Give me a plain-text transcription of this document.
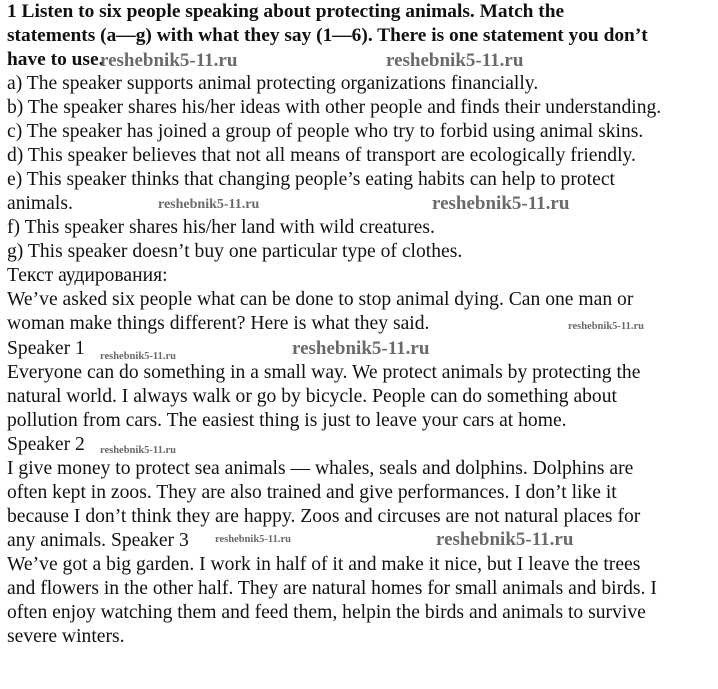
1 Listen to six people speaking about protecting animals. Match the
statements (a—g) with what they say (1—6). There is one statement you don’t
have to use.
a) The speaker supports animal protecting organizations financially.
b) The speaker shares his/her ideas with other people and finds their understanding.
c) The speaker has joined a group of people who try to forbid using animal skins.
d) This speaker believes that not all means of transport are ecologically friendly.
e) This speaker thinks that changing people’s eating habits can help to protect
animals.
f) This speaker shares his/her land with wild creatures.
g) This speaker doesn’t buy one particular type of clothes.
Текст аудирования:
We’ve asked six people what can be done to stop animal dying. Can one man or
woman make things different? Here is what they said.
Speaker 1
Everyone can do something in a small way. We protect animals by protecting the
natural world. I always walk or go by bicycle. People can do something about
pollution from cars. The easiest thing is just to leave your cars at home.
Speaker 2
I give money to protect sea animals — whales, seals and dolphins. Dolphins are
often kept in zoos. They are also trained and give performances. I don’t like it
because I don’t think they are happy. Zoos and circuses are not natural places for
any animals. Speaker 3
We’ve got a big garden. I work in half of it and make it nice, but I leave the trees
and flowers in the other half. They are natural homes for small animals and birds. I
often enjoy watching them and feed them, helpin the birds and animals to survive
severe winters.
reshebnik5-11.ru	reshebnik5-11.ru
reshebnik5-11.ru	reshebnik5-11.ru
reshebnik5-11.ru
reshebnik5-11.ru	reshebnik5-11.ru
reshebnik5-11.ru
reshebnik5-11.ru	reshebnik5-11.ru
